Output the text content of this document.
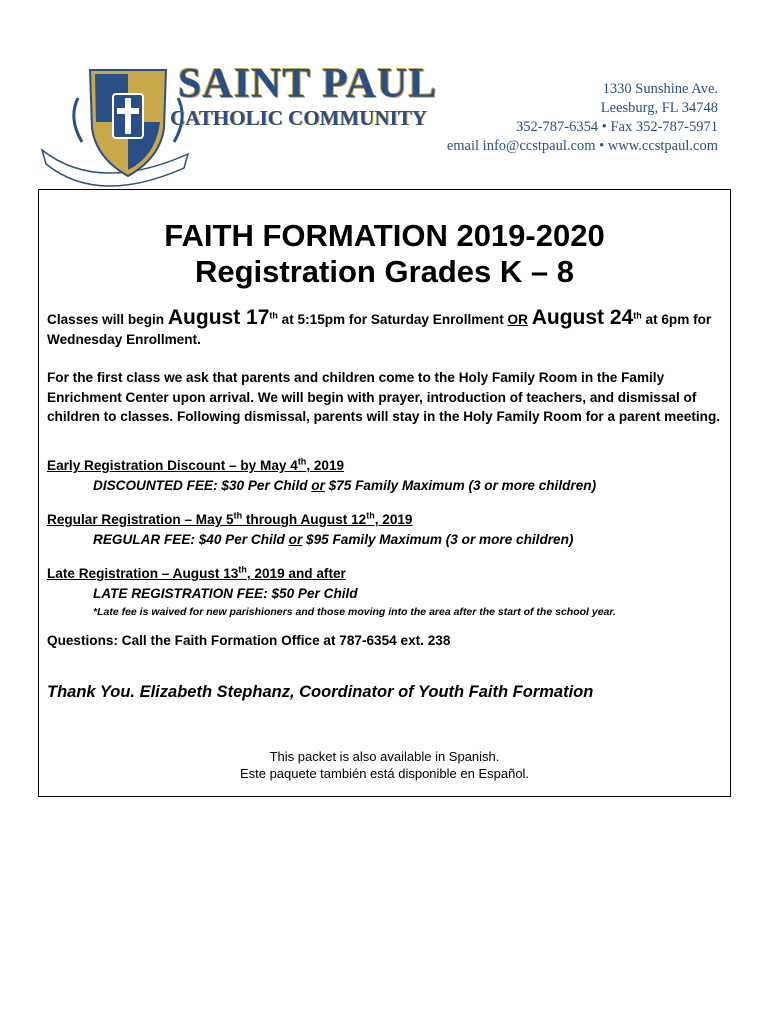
SAINT PAUL
CATHOLIC COMMUNITY
1330 Sunshine Ave.
Leesburg, FL 34748
352-787-6354 • Fax 352-787-5971
email info@ccstpaul.com • www.ccstpaul.com
FAITH FORMATION 2019-2020
Registration Grades K – 8
Classes will begin August 17th at 5:15pm for Saturday Enrollment OR August 24th at 6pm for Wednesday Enrollment.
For the first class we ask that parents and children come to the Holy Family Room in the Family Enrichment Center upon arrival. We will begin with prayer, introduction of teachers, and dismissal of children to classes. Following dismissal, parents will stay in the Holy Family Room for a parent meeting.
Early Registration Discount – by May 4th, 2019
DISCOUNTED FEE: $30 Per Child or $75 Family Maximum (3 or more children)
Regular Registration – May 5th through August 12th, 2019
REGULAR FEE: $40 Per Child or $95 Family Maximum (3 or more children)
Late Registration – August 13th, 2019 and after
LATE REGISTRATION FEE: $50 Per Child
*Late fee is waived for new parishioners and those moving into the area after the start of the school year.
Questions: Call the Faith Formation Office at 787-6354 ext. 238
Thank You. Elizabeth Stephanz, Coordinator of Youth Faith Formation
This packet is also available in Spanish.
Este paquete también está disponible en Español.
